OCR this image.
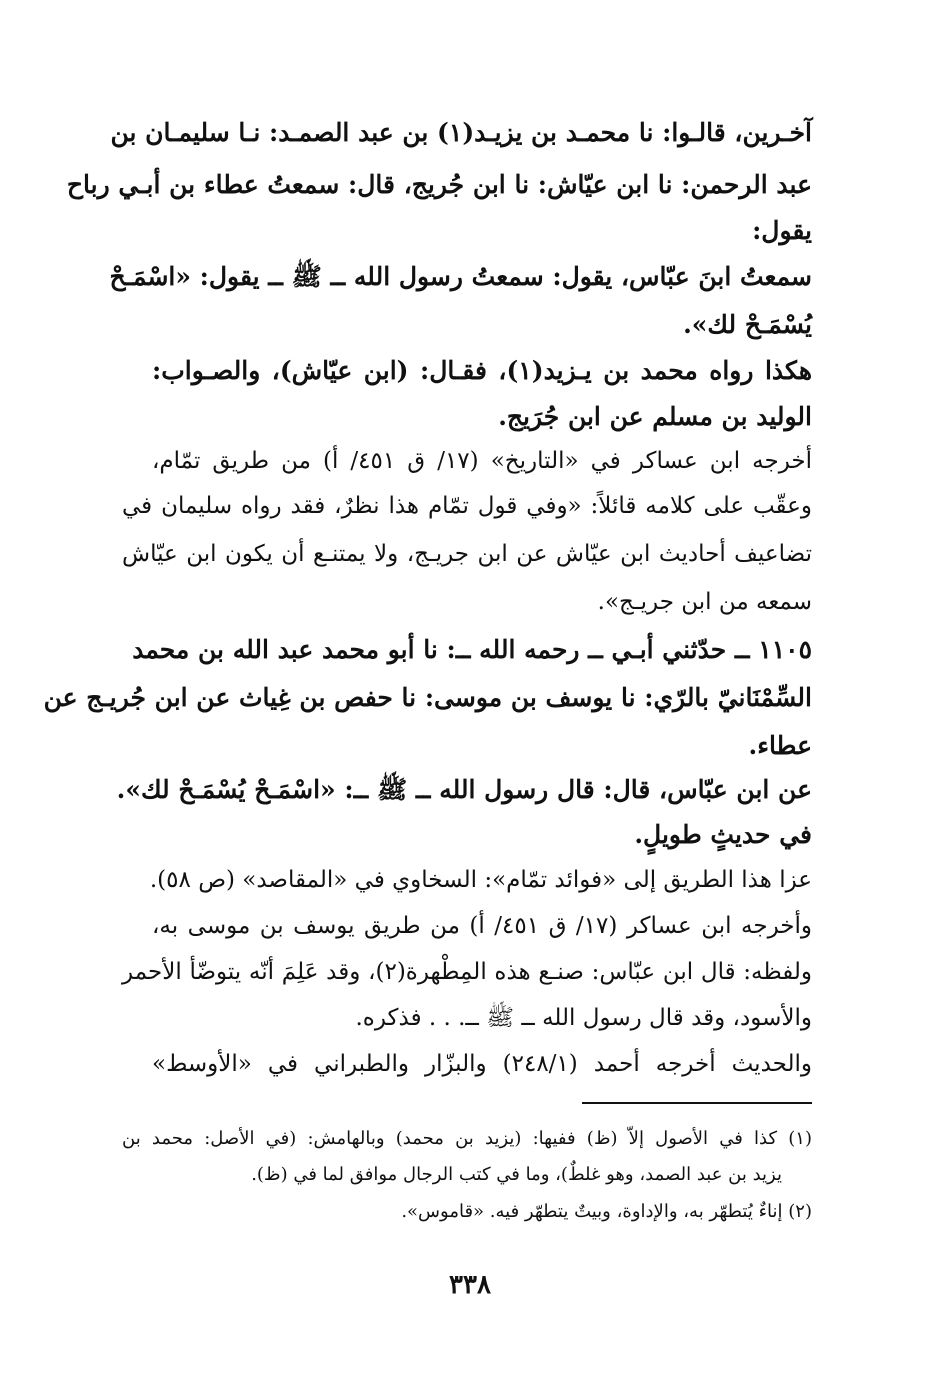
آخـرين، قالـوا: نا محمـد بن يزيـد(١) بن عبد الصمـد: نـا سليمـان بن
عبد الرحمن: نا ابن عيّاش: نا ابن جُريج، قال: سمعتُ عطاء بن أبـي رباح
يقول:
سمعتُ ابنَ عبّاس، يقول: سمعتُ رسول الله ــ ﷺ ــ يقول: «اسْمَـحْ
يُسْمَـحْ لك».
هكذا رواه محمد بن يـزيد(١)، فقـال: (ابن عيّاش)، والصـواب:
الوليد بن مسلم عن ابن جُرَيج.
أخرجه ابن عساكر في «التاريخ» (١٧/ ق ٤٥١/ أ) من طريق تمّام،
وعقّب على كلامه قائلاً: «وفي قول تمّام هذا نظرٌ، فقد رواه سليمان في
تضاعيف أحاديث ابن عيّاش عن ابن جريـج، ولا يمتنـع أن يكون ابن عيّاش
سمعه من ابن جريـج».
١١٠٥ ــ حدّثني أبـي ــ رحمه الله ــ: نا أبو محمد عبد الله بن محمد
السِّمْنَانيّ بالرّي: نا يوسف بن موسى: نا حفص بن غِياث عن ابن جُريـج عن
عطاء.
عن ابن عبّاس، قال: قال رسول الله ــ ﷺ ــ: «اسْمَـحْ يُسْمَـحْ لك».
في حديثٍ طويلٍ.
عزا هذا الطريق إلى «فوائد تمّام»: السخاوي في «المقاصد» (ص ٥٨).
وأخرجه ابن عساكر (١٧/ ق ٤٥١/ أ) من طريق يوسف بن موسى به،
ولفظه: قال ابن عبّاس: صنـع هذه المِطْهرة(٢)، وقد عَلِمَ أنّه يتوضّأ الأحمر
والأسود، وقد قال رسول الله ــ ﷺ ــ. . . فذكره.
والحديث أخرجه أحمد (٢٤٨/١) والبزّار والطبراني في «الأوسط»
(١) كذا في الأصول إلاّ (ظ) ففيها: (يزيد بن محمد) وبالهامش: (في الأصل: محمد بن
يزيد بن عبد الصمد، وهو غلطٌ)، وما في كتب الرجال موافق لما في (ظ).
(٢) إناءٌ يُتطهّر به، والإداوة، وبيتٌ يتطهّر فيه. «قاموس».
٣٣٨
